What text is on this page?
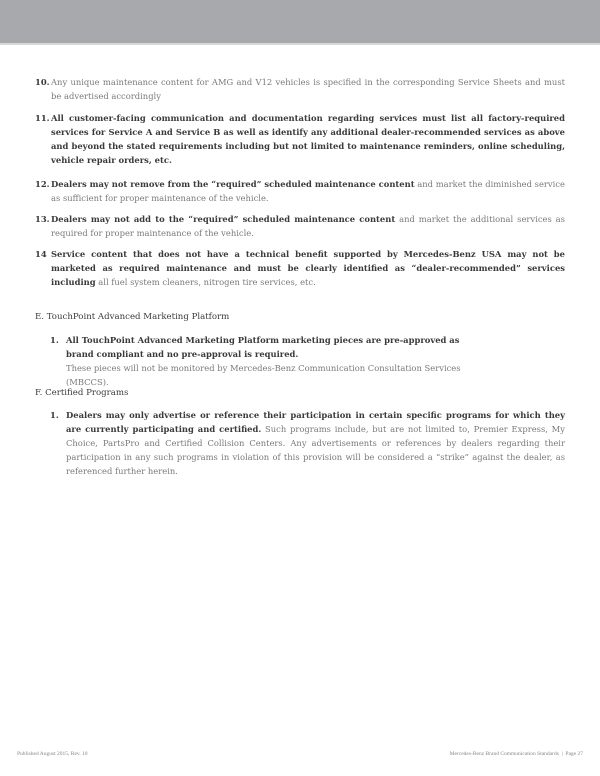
10. Any unique maintenance content for AMG and V12 vehicles is specified in the corresponding Service Sheets and must be advertised accordingly
11. All customer-facing communication and documentation regarding services must list all factory-required services for Service A and Service B as well as identify any additional dealer-recommended services as above and beyond the stated requirements including but not limited to maintenance reminders, online scheduling, vehicle repair orders, etc.
12. Dealers may not remove from the “required” scheduled maintenance content and market the diminished service as sufficient for proper maintenance of the vehicle.
13. Dealers may not add to the “required” scheduled maintenance content and market the additional services as required for proper maintenance of the vehicle.
14 Service content that does not have a technical benefit supported by Mercedes-Benz USA may not be marketed as required maintenance and must be clearly identified as “dealer-recommended” services including all fuel system cleaners, nitrogen tire services, etc.
E. TouchPoint Advanced Marketing Platform
1. All TouchPoint Advanced Marketing Platform marketing pieces are pre-approved as brand compliant and no pre-approval is required.
These pieces will not be monitored by Mercedes-Benz Communication Consultation Services (MBCCS).
F. Certified Programs
1. Dealers may only advertise or reference their participation in certain specific programs for which they are currently participating and certified. Such programs include, but are not limited to, Premier Express, My Choice, PartsPro and Certified Collision Centers. Any advertisements or references by dealers regarding their participation in any such programs in violation of this provision will be considered a “strike” against the dealer, as referenced further herein.
Published August 2015, Rev. 10	Mercedes-Benz Brand Communication Standards  |  Page 27
